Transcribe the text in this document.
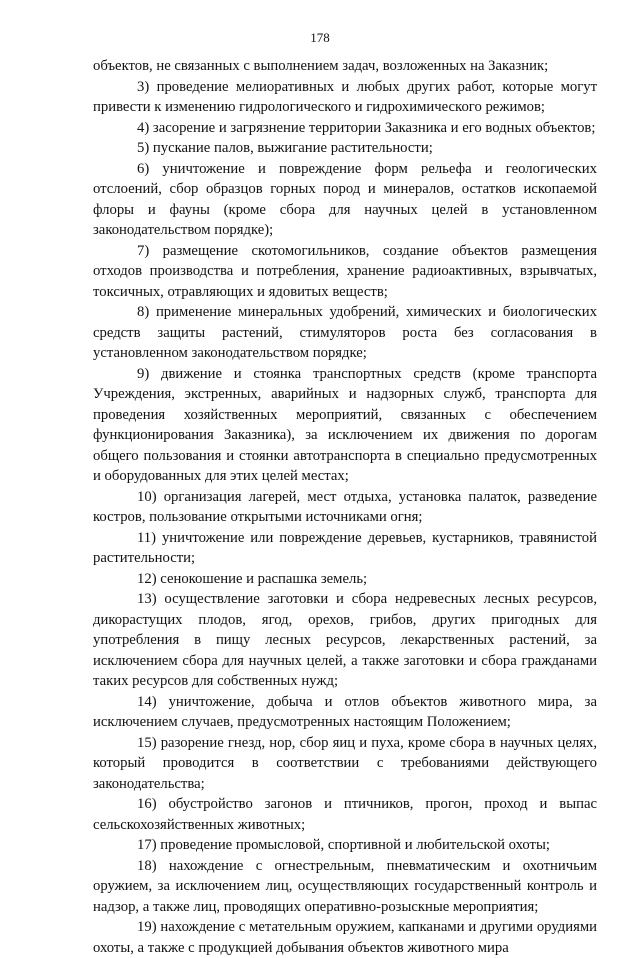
178

объектов, не связанных с выполнением задач, возложенных на Заказник;

3) проведение мелиоративных и любых других работ, которые могут привести к изменению гидрологического и гидрохимического режимов;

4) засорение и загрязнение территории Заказника и его водных объектов;

5) пускание палов, выжигание растительности;

6) уничтожение и повреждение форм рельефа и геологических отслоений, сбор образцов горных пород и минералов, остатков ископаемой флоры и фауны (кроме сбора для научных целей в установленном законодательством порядке);

7) размещение скотомогильников, создание объектов размещения отходов производства и потребления, хранение радиоактивных, взрывчатых, токсичных, отравляющих и ядовитых веществ;

8) применение минеральных удобрений, химических и биологических средств защиты растений, стимуляторов роста без согласования в установленном законодательством порядке;

9) движение и стоянка транспортных средств (кроме транспорта Учреждения, экстренных, аварийных и надзорных служб, транспорта для проведения хозяйственных мероприятий, связанных с обеспечением функционирования Заказника), за исключением их движения по дорогам общего пользования и стоянки автотранспорта в специально предусмотренных и оборудованных для этих целей местах;

10) организация лагерей, мест отдыха, установка палаток, разведение костров, пользование открытыми источниками огня;

11) уничтожение или повреждение деревьев, кустарников, травянистой растительности;

12) сенокошение и распашка земель;

13) осуществление заготовки и сбора недревесных лесных ресурсов, дикорастущих плодов, ягод, орехов, грибов, других пригодных для употребления в пищу лесных ресурсов, лекарственных растений, за исключением сбора для научных целей, а также заготовки и сбора гражданами таких ресурсов для собственных нужд;

14) уничтожение, добыча и отлов объектов животного мира, за исключением случаев, предусмотренных настоящим Положением;

15) разорение гнезд, нор, сбор яиц и пуха, кроме сбора в научных целях, который проводится в соответствии с требованиями действующего законодательства;

16) обустройство загонов и птичников, прогон, проход и выпас сельскохозяйственных животных;

17) проведение промысловой, спортивной и любительской охоты;

18) нахождение с огнестрельным, пневматическим и охотничьим оружием, за исключением лиц, осуществляющих государственный контроль и надзор, а также лиц, проводящих оперативно-розыскные мероприятия;

19) нахождение с метательным оружием, капканами и другими орудиями охоты, а также с продукцией добывания объектов животного мира
